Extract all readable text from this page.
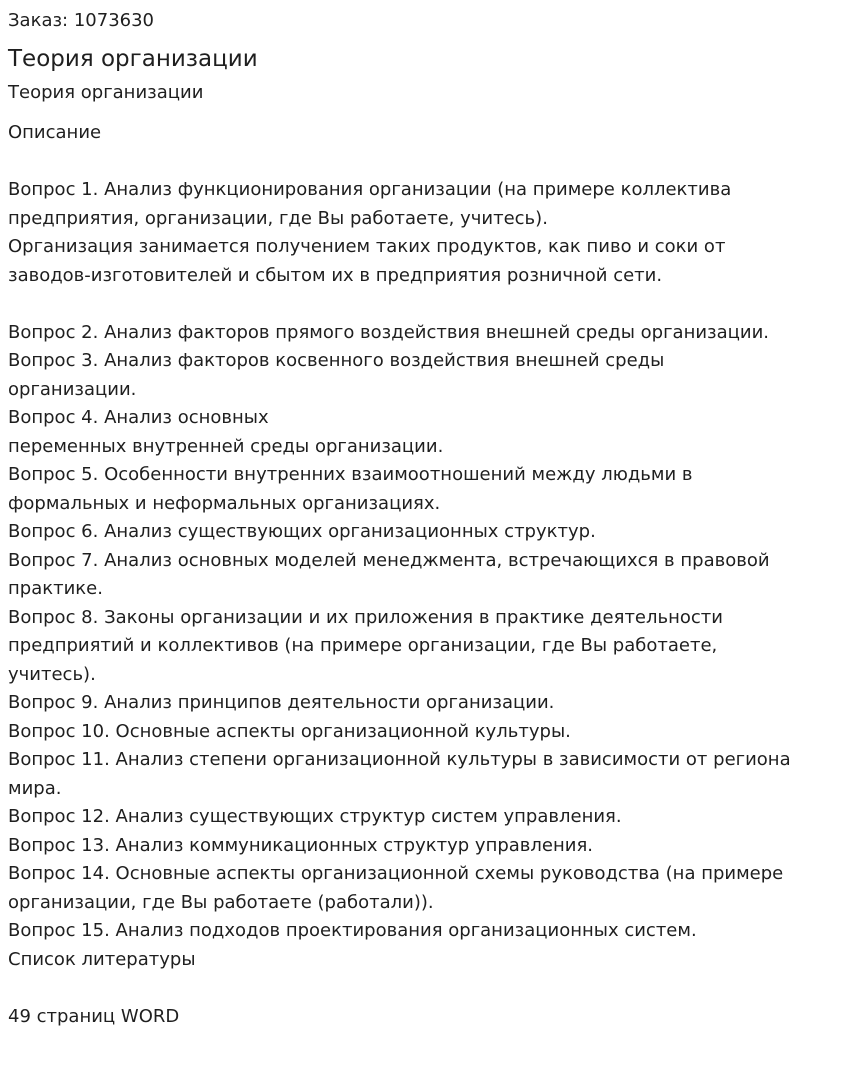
Заказ: 1073630
Теория организации
Теория организации
Описание
Вопрос 1. Анализ функционирования организации (на примере коллектива
предприятия, организации, где Вы работаете, учитесь).
Организация занимается получением таких продуктов, как пиво и соки от
заводов-изготовителей и сбытом их в предприятия розничной сети.
Вопрос 2. Анализ факторов прямого воздействия внешней среды организации.
Вопрос 3. Анализ факторов косвенного воздействия внешней среды
организации.
Вопрос 4. Анализ основных
переменных внутренней среды организации.
Вопрос 5. Особенности внутренних взаимоотношений между людьми в
формальных и неформальных организациях.
Вопрос 6. Анализ существующих организационных структур.
Вопрос 7. Анализ основных моделей менеджмента, встречающихся в правовой
практике.
Вопрос 8. Законы организации и их приложения в практике деятельности
предприятий и коллективов (на примере организации, где Вы работаете,
учитесь).
Вопрос 9. Анализ принципов деятельности организации.
Вопрос 10. Основные аспекты организационной культуры.
Вопрос 11. Анализ степени организационной культуры в зависимости от региона
мира.
Вопрос 12. Анализ существующих структур систем управления.
Вопрос 13. Анализ коммуникационных структур управления.
Вопрос 14. Основные аспекты организационной схемы руководства (на примере
организации, где Вы работаете (работали)).
Вопрос 15. Анализ подходов проектирования организационных систем.
Список литературы
49 страниц WORD
